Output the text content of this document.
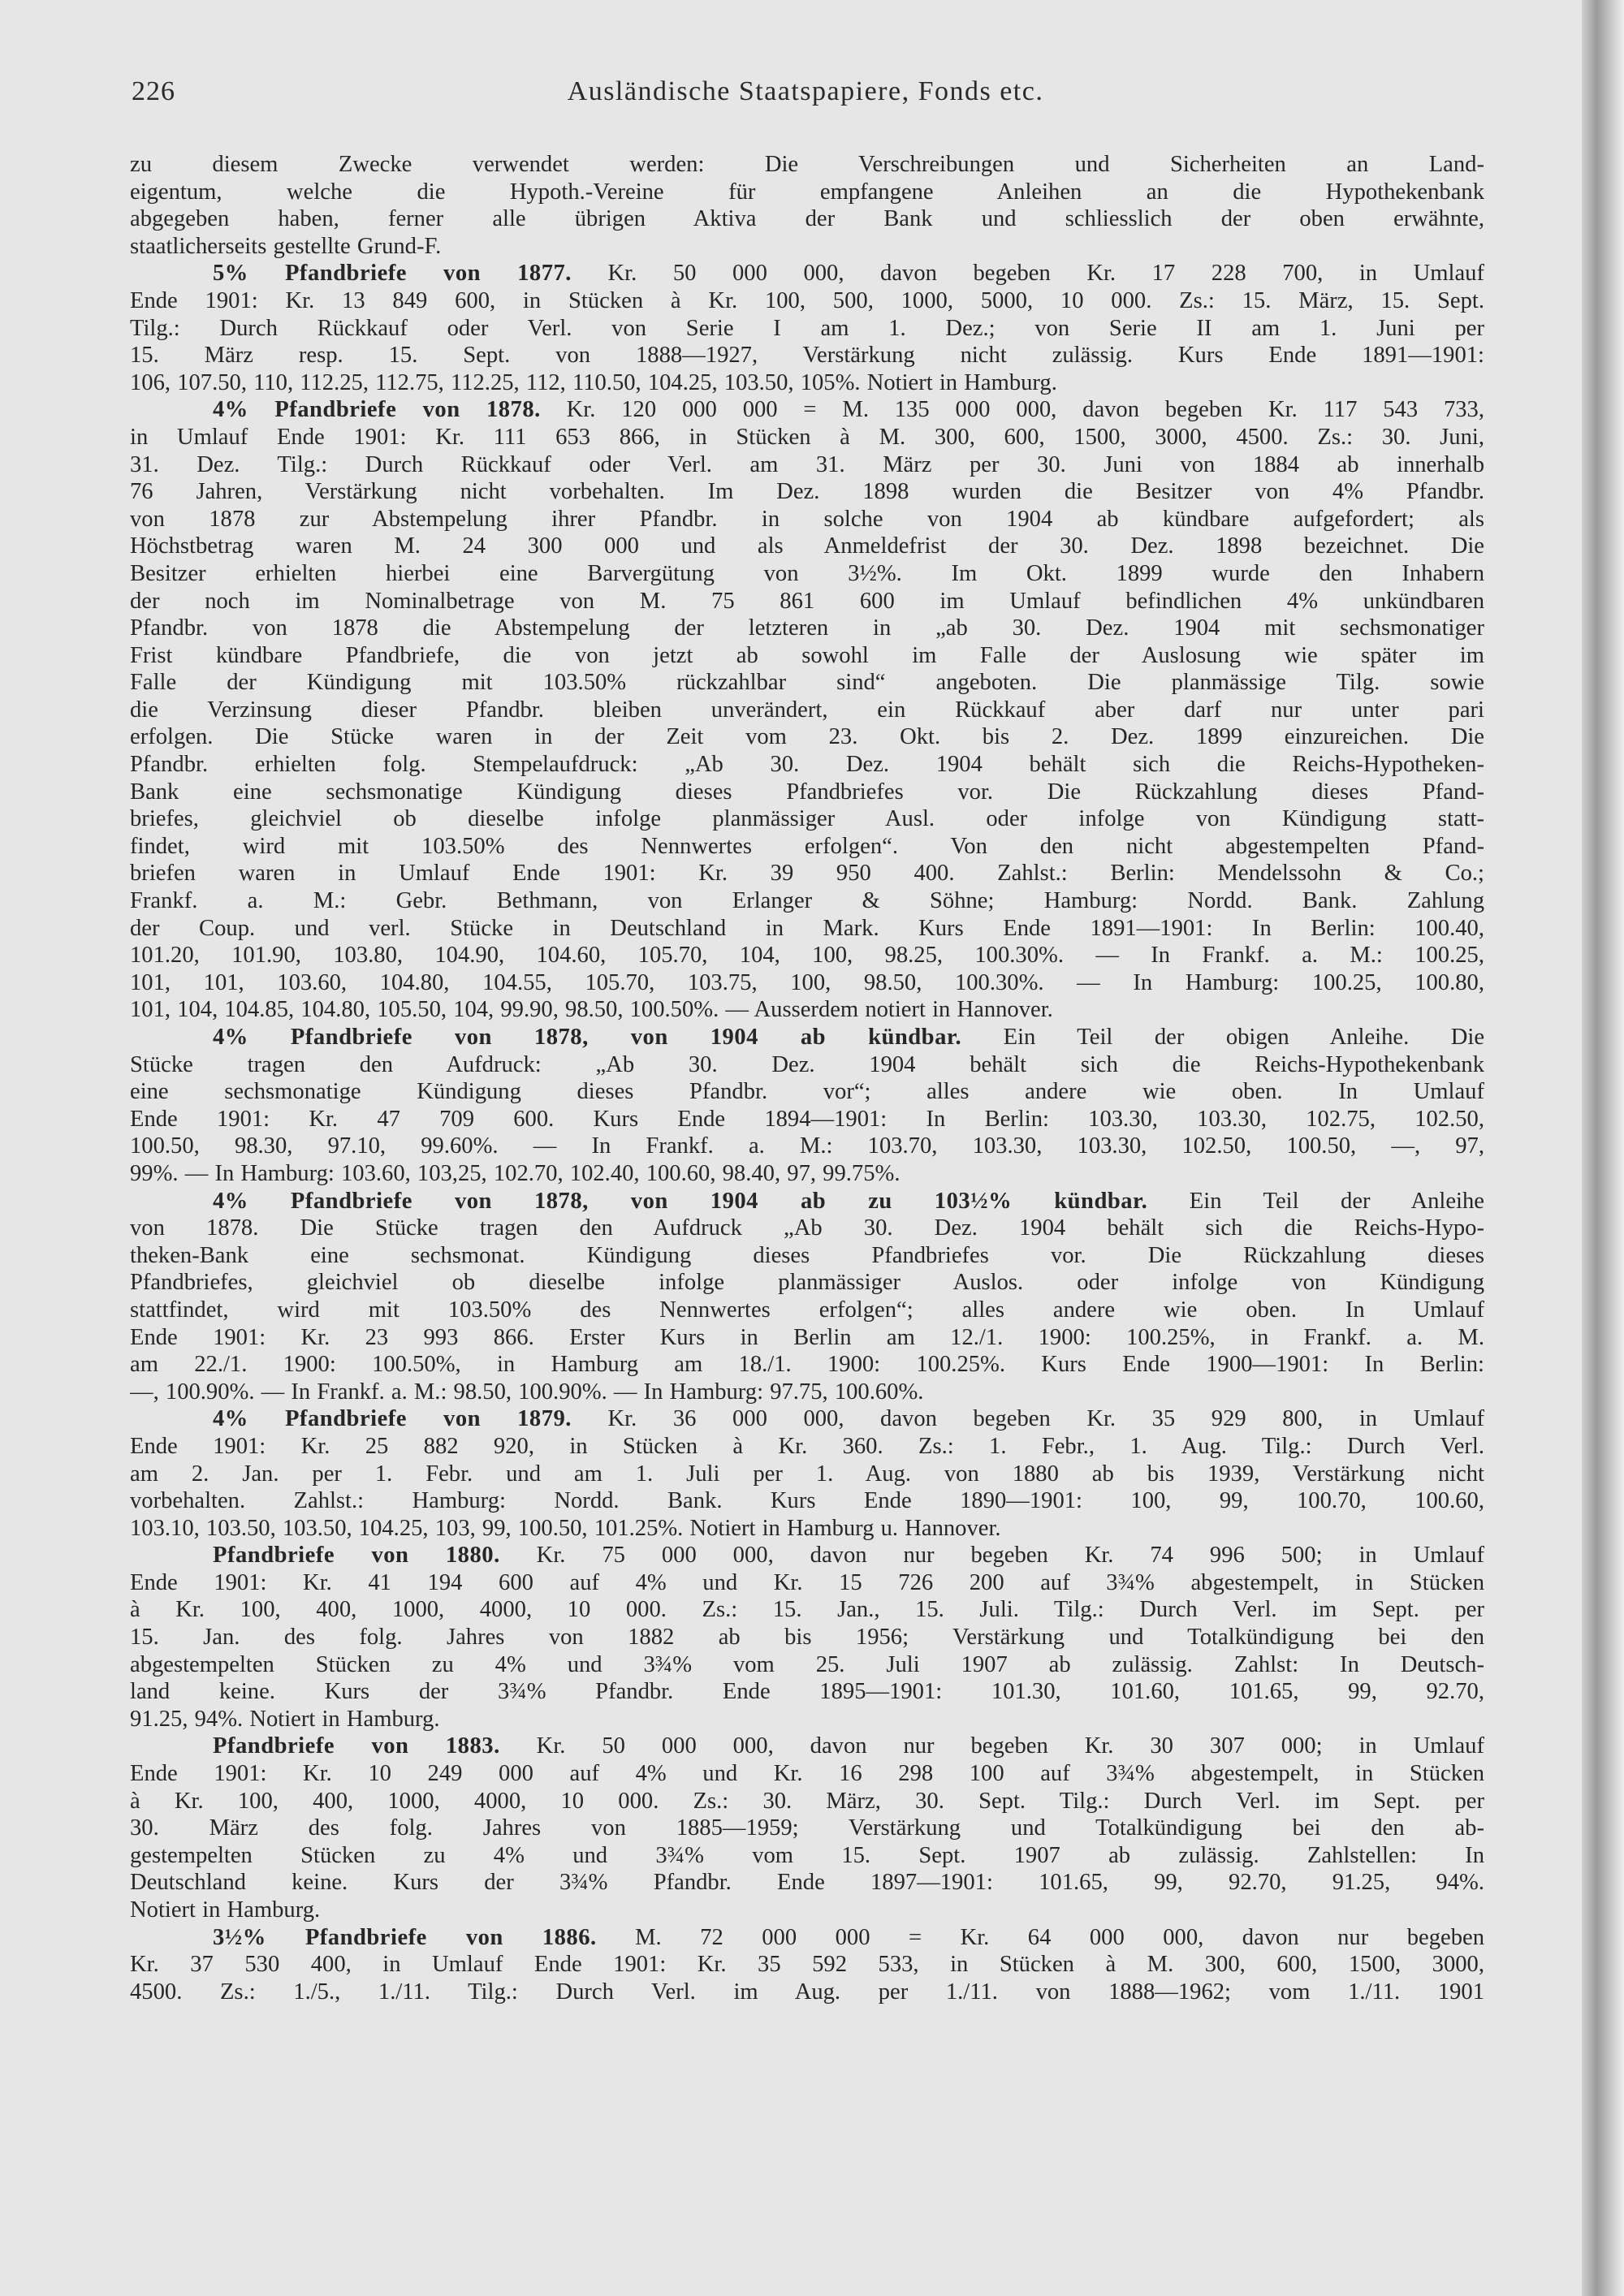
226	Ausländische Staatspapiere, Fonds etc.
zu diesem Zwecke verwendet werden: Die Verschreibungen und Sicherheiten an Land-
eigentum, welche die Hypoth.-Vereine für empfangene Anleihen an die Hypothekenbank
abgegeben haben, ferner alle übrigen Aktiva der Bank und schliesslich der oben erwähnte,
staatlicherseits gestellte Grund-F.
5% Pfandbriefe von 1877. Kr. 50 000 000, davon begeben Kr. 17 228 700, in Umlauf
Ende 1901: Kr. 13 849 600, in Stücken à Kr. 100, 500, 1000, 5000, 10 000. Zs.: 15. März, 15. Sept.
Tilg.: Durch Rückkauf oder Verl. von Serie I am 1. Dez.; von Serie II am 1. Juni per
15. März resp. 15. Sept. von 1888—1927, Verstärkung nicht zulässig. Kurs Ende 1891—1901:
106, 107.50, 110, 112.25, 112.75, 112.25, 112, 110.50, 104.25, 103.50, 105%. Notiert in Hamburg.
4% Pfandbriefe von 1878. Kr. 120 000 000 = M. 135 000 000, davon begeben Kr. 117 543 733,
in Umlauf Ende 1901: Kr. 111 653 866, in Stücken à M. 300, 600, 1500, 3000, 4500. Zs.: 30. Juni,
31. Dez. Tilg.: Durch Rückkauf oder Verl. am 31. März per 30. Juni von 1884 ab innerhalb
76 Jahren, Verstärkung nicht vorbehalten. Im Dez. 1898 wurden die Besitzer von 4% Pfandbr.
von 1878 zur Abstempelung ihrer Pfandbr. in solche von 1904 ab kündbare aufgefordert; als
Höchstbetrag waren M. 24 300 000 und als Anmeldefrist der 30. Dez. 1898 bezeichnet. Die
Besitzer erhielten hierbei eine Barvergütung von 3½%. Im Okt. 1899 wurde den Inhabern
der noch im Nominalbetrage von M. 75 861 600 im Umlauf befindlichen 4% unkündbaren
Pfandbr. von 1878 die Abstempelung der letzteren in „ab 30. Dez. 1904 mit sechsmonatiger
Frist kündbare Pfandbriefe, die von jetzt ab sowohl im Falle der Auslosung wie später im
Falle der Kündigung mit 103.50% rückzahlbar sind“ angeboten. Die planmässige Tilg. sowie
die Verzinsung dieser Pfandbr. bleiben unverändert, ein Rückkauf aber darf nur unter pari
erfolgen. Die Stücke waren in der Zeit vom 23. Okt. bis 2. Dez. 1899 einzureichen. Die
Pfandbr. erhielten folg. Stempelaufdruck: „Ab 30. Dez. 1904 behält sich die Reichs-Hypotheken-
Bank eine sechsmonatige Kündigung dieses Pfandbriefes vor. Die Rückzahlung dieses Pfand-
briefes, gleichviel ob dieselbe infolge planmässiger Ausl. oder infolge von Kündigung statt-
findet, wird mit 103.50% des Nennwertes erfolgen“. Von den nicht abgestempelten Pfand-
briefen waren in Umlauf Ende 1901: Kr. 39 950 400. Zahlst.: Berlin: Mendelssohn & Co.;
Frankf. a. M.: Gebr. Bethmann, von Erlanger & Söhne; Hamburg: Nordd. Bank. Zahlung
der Coup. und verl. Stücke in Deutschland in Mark. Kurs Ende 1891—1901: In Berlin: 100.40,
101.20, 101.90, 103.80, 104.90, 104.60, 105.70, 104, 100, 98.25, 100.30%. — In Frankf. a. M.: 100.25,
101, 101, 103.60, 104.80, 104.55, 105.70, 103.75, 100, 98.50, 100.30%. — In Hamburg: 100.25, 100.80,
101, 104, 104.85, 104.80, 105.50, 104, 99.90, 98.50, 100.50%. — Ausserdem notiert in Hannover.
4% Pfandbriefe von 1878, von 1904 ab kündbar. Ein Teil der obigen Anleihe. Die
Stücke tragen den Aufdruck: „Ab 30. Dez. 1904 behält sich die Reichs-Hypothekenbank
eine sechsmonatige Kündigung dieses Pfandbr. vor“; alles andere wie oben. In Umlauf
Ende 1901: Kr. 47 709 600. Kurs Ende 1894—1901: In Berlin: 103.30, 103.30, 102.75, 102.50,
100.50, 98.30, 97.10, 99.60%. — In Frankf. a. M.: 103.70, 103.30, 103.30, 102.50, 100.50, —, 97,
99%. — In Hamburg: 103.60, 103,25, 102.70, 102.40, 100.60, 98.40, 97, 99.75%.
4% Pfandbriefe von 1878, von 1904 ab zu 103½% kündbar. Ein Teil der Anleihe
von 1878. Die Stücke tragen den Aufdruck „Ab 30. Dez. 1904 behält sich die Reichs-Hypo-
theken-Bank eine sechsmonat. Kündigung dieses Pfandbriefes vor. Die Rückzahlung dieses
Pfandbriefes, gleichviel ob dieselbe infolge planmässiger Auslos. oder infolge von Kündigung
stattfindet, wird mit 103.50% des Nennwertes erfolgen“; alles andere wie oben. In Umlauf
Ende 1901: Kr. 23 993 866. Erster Kurs in Berlin am 12./1. 1900: 100.25%, in Frankf. a. M.
am 22./1. 1900: 100.50%, in Hamburg am 18./1. 1900: 100.25%. Kurs Ende 1900—1901: In Berlin:
—, 100.90%. — In Frankf. a. M.: 98.50, 100.90%. — In Hamburg: 97.75, 100.60%.
4% Pfandbriefe von 1879. Kr. 36 000 000, davon begeben Kr. 35 929 800, in Umlauf
Ende 1901: Kr. 25 882 920, in Stücken à Kr. 360. Zs.: 1. Febr., 1. Aug. Tilg.: Durch Verl.
am 2. Jan. per 1. Febr. und am 1. Juli per 1. Aug. von 1880 ab bis 1939, Verstärkung nicht
vorbehalten. Zahlst.: Hamburg: Nordd. Bank. Kurs Ende 1890—1901: 100, 99, 100.70, 100.60,
103.10, 103.50, 103.50, 104.25, 103, 99, 100.50, 101.25%. Notiert in Hamburg u. Hannover.
Pfandbriefe von 1880. Kr. 75 000 000, davon nur begeben Kr. 74 996 500; in Umlauf
Ende 1901: Kr. 41 194 600 auf 4% und Kr. 15 726 200 auf 3¾% abgestempelt, in Stücken
à Kr. 100, 400, 1000, 4000, 10 000. Zs.: 15. Jan., 15. Juli. Tilg.: Durch Verl. im Sept. per
15. Jan. des folg. Jahres von 1882 ab bis 1956; Verstärkung und Totalkündigung bei den
abgestempelten Stücken zu 4% und 3¾% vom 25. Juli 1907 ab zulässig. Zahlst: In Deutsch-
land keine. Kurs der 3¾% Pfandbr. Ende 1895—1901: 101.30, 101.60, 101.65, 99, 92.70,
91.25, 94%. Notiert in Hamburg.
Pfandbriefe von 1883. Kr. 50 000 000, davon nur begeben Kr. 30 307 000; in Umlauf
Ende 1901: Kr. 10 249 000 auf 4% und Kr. 16 298 100 auf 3¾% abgestempelt, in Stücken
à Kr. 100, 400, 1000, 4000, 10 000. Zs.: 30. März, 30. Sept. Tilg.: Durch Verl. im Sept. per
30. März des folg. Jahres von 1885—1959; Verstärkung und Totalkündigung bei den ab-
gestempelten Stücken zu 4% und 3¾% vom 15. Sept. 1907 ab zulässig. Zahlstellen: In
Deutschland keine. Kurs der 3¾% Pfandbr. Ende 1897—1901: 101.65, 99, 92.70, 91.25, 94%.
Notiert in Hamburg.
3½% Pfandbriefe von 1886. M. 72 000 000 = Kr. 64 000 000, davon nur begeben
Kr. 37 530 400, in Umlauf Ende 1901: Kr. 35 592 533, in Stücken à M. 300, 600, 1500, 3000,
4500. Zs.: 1./5., 1./11. Tilg.: Durch Verl. im Aug. per 1./11. von 1888—1962; vom 1./11. 1901
